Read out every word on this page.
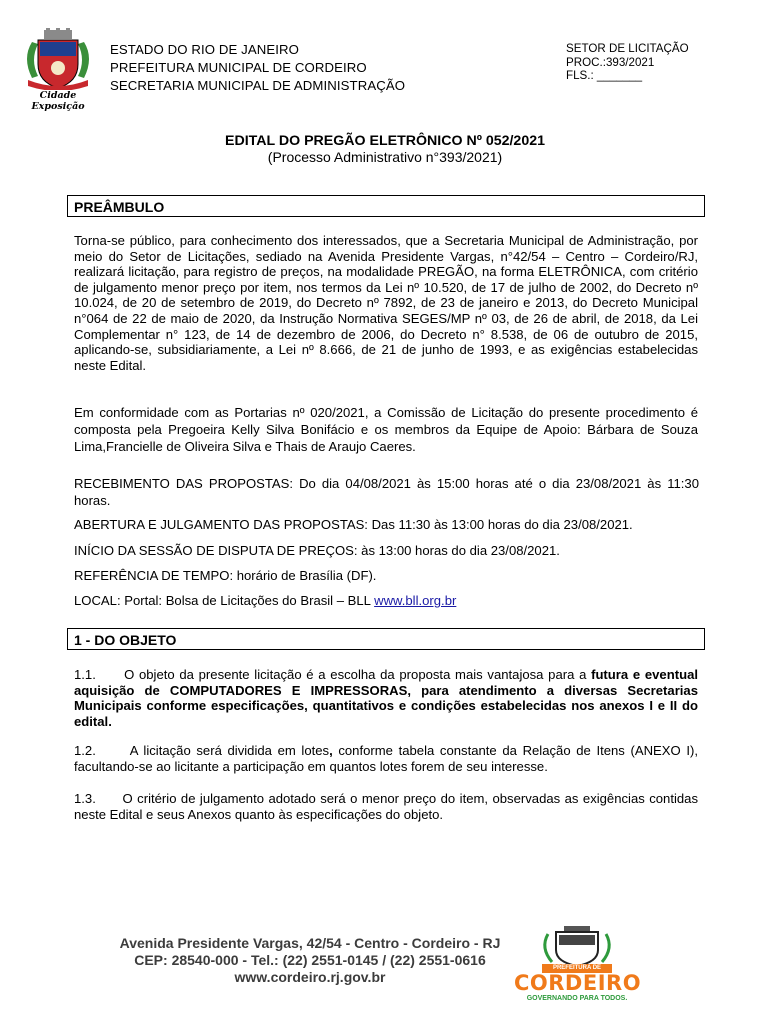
Cidade Exposição
ESTADO DO RIO DE JANEIRO
PREFEITURA MUNICIPAL DE CORDEIRO
SECRETARIA MUNICIPAL DE ADMINISTRAÇÃO
SETOR DE LICITAÇÃO
PROC.:393/2021
FLS.: _______
EDITAL DO PREGÃO ELETRÔNICO Nº 052/2021
(Processo Administrativo n°393/2021)
PREÂMBULO
Torna-se público, para conhecimento dos interessados, que a Secretaria Municipal de Administração, por meio do Setor de Licitações, sediado na Avenida Presidente Vargas, n°42/54 – Centro – Cordeiro/RJ, realizará licitação, para registro de preços, na modalidade PREGÃO, na forma ELETRÔNICA, com critério de julgamento menor preço por item, nos termos da Lei nº 10.520, de 17 de julho de 2002, do Decreto nº 10.024, de 20 de setembro de 2019, do Decreto nº 7892, de 23 de janeiro e 2013, do Decreto Municipal n°064 de 22 de maio de 2020, da Instrução Normativa SEGES/MP nº 03, de 26 de abril, de 2018, da Lei Complementar n° 123, de 14 de dezembro de 2006, do Decreto n° 8.538, de 06 de outubro de 2015, aplicando-se, subsidiariamente, a Lei nº 8.666, de 21 de junho de 1993, e as exigências estabelecidas neste Edital.
Em conformidade com as Portarias nº 020/2021, a Comissão de Licitação do presente procedimento é composta pela Pregoeira Kelly Silva Bonifácio e os membros da Equipe de Apoio: Bárbara de Souza Lima,Francielle de Oliveira Silva e Thais de Araujo Caeres.
RECEBIMENTO DAS PROPOSTAS: Do dia 04/08/2021 às 15:00 horas até o dia 23/08/2021 às 11:30 horas.
ABERTURA E JULGAMENTO DAS PROPOSTAS: Das 11:30 às 13:00 horas do dia 23/08/2021.
INÍCIO DA SESSÃO DE DISPUTA DE PREÇOS: às 13:00 horas do dia 23/08/2021.
REFERÊNCIA DE TEMPO: horário de Brasília (DF).
LOCAL: Portal: Bolsa de Licitações do Brasil – BLL www.bll.org.br
1 - DO OBJETO
1.1. O objeto da presente licitação é a escolha da proposta mais vantajosa para a futura e eventual aquisição de COMPUTADORES E IMPRESSORAS, para atendimento a diversas Secretarias Municipais conforme especificações, quantitativos e condições estabelecidas nos anexos I e II do edital.
1.2.	A licitação será dividida em lotes, conforme tabela constante da Relação de Itens (ANEXO I), facultando-se ao licitante a participação em quantos lotes forem de seu interesse.
1.3. O critério de julgamento adotado será o menor preço do item, observadas as exigências contidas neste Edital e seus Anexos quanto às especificações do objeto.
Avenida Presidente Vargas, 42/54 - Centro - Cordeiro - RJ
CEP: 28540-000 - Tel.: (22) 2551-0145 / (22) 2551-0616
www.cordeiro.rj.gov.br
PREFEITURA DE
CORDEIRO
GOVERNANDO PARA TODOS.
